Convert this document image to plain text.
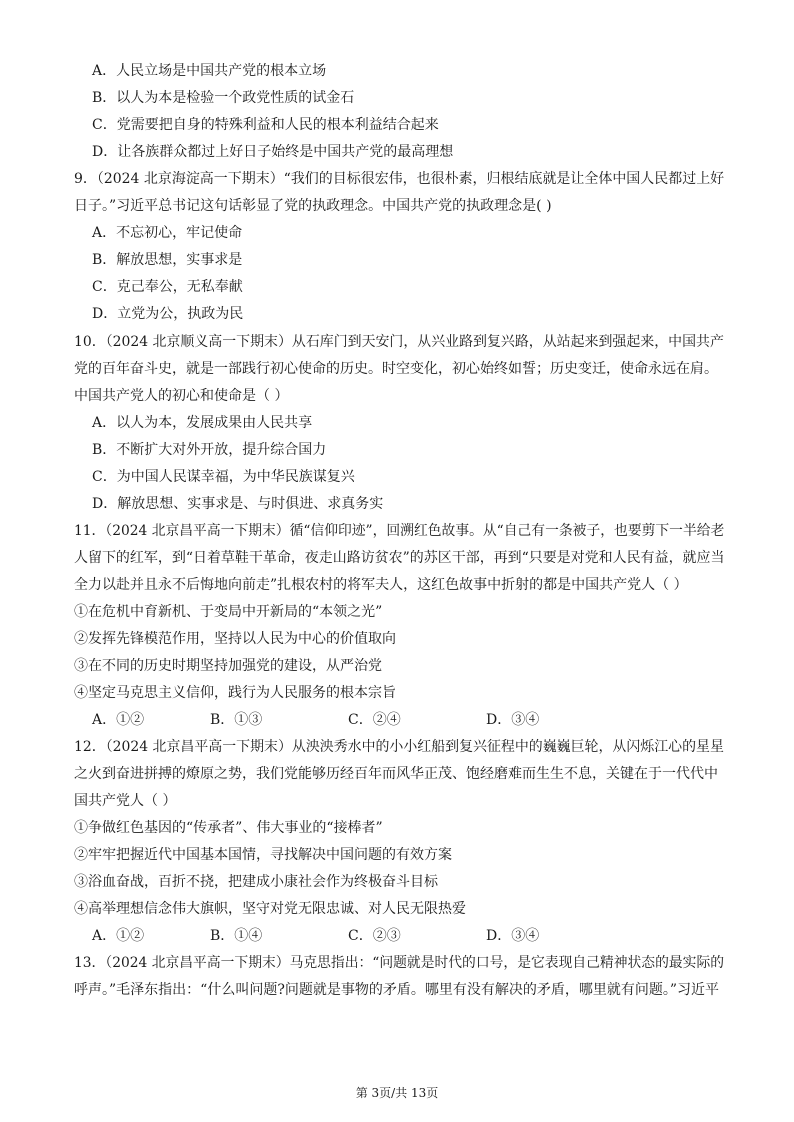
A．人民立场是中国共产党的根本立场
B．以人为本是检验一个政党性质的试金石
C．党需要把自身的特殊利益和人民的根本利益结合起来
D．让各族群众都过上好日子始终是中国共产党的最高理想
9．（2024 北京海淀高一下期末）“我们的目标很宏伟，也很朴素，归根结底就是让全体中国人民都过上好
日子。”习近平总书记这句话彰显了党的执政理念。中国共产党的执政理念是( )
A．不忘初心，牢记使命
B．解放思想，实事求是
C．克己奉公，无私奉献
D．立党为公，执政为民
10．（2024 北京顺义高一下期末）从石库门到天安门，从兴业路到复兴路，从站起来到强起来，中国共产
党的百年奋斗史，就是一部践行初心使命的历史。时空变化，初心始终如誓；历史变迁，使命永远在肩。
中国共产党人的初心和使命是（ ）
A．以人为本，发展成果由人民共享
B．不断扩大对外开放，提升综合国力
C．为中国人民谋幸福，为中华民族谋复兴
D．解放思想、实事求是、与时俱进、求真务实
11．（2024 北京昌平高一下期末）循“信仰印迹”，回溯红色故事。从“自己有一条被子，也要剪下一半给老
人留下的红军，到“日着草鞋干革命，夜走山路访贫农”的苏区干部，再到“只要是对党和人民有益，就应当
全力以赴并且永不后悔地向前走”扎根农村的将军夫人，这红色故事中折射的都是中国共产党人（ ）
①在危机中育新机、于变局中开新局的“本领之光”
②发挥先锋模范作用，坚持以人民为中心的价值取向
③在不同的历史时期坚持加强党的建设，从严治党
④坚定马克思主义信仰，践行为人民服务的根本宗旨
A．①②	B．①③	C．②④	D．③④
12．（2024 北京昌平高一下期末）从泱泱秀水中的小小红船到复兴征程中的巍巍巨轮，从闪烁江心的星星
之火到奋进拼搏的燎原之势，我们党能够历经百年而风华正茂、饱经磨难而生生不息，关键在于一代代中
国共产党人（ ）
①争做红色基因的“传承者”、伟大事业的“接棒者”
②牢牢把握近代中国基本国情，寻找解决中国问题的有效方案
③浴血奋战，百折不挠，把建成小康社会作为终极奋斗目标
④高举理想信念伟大旗帜，坚守对党无限忠诚、对人民无限热爱
A．①②	B．①④	C．②③	D．③④
13．（2024 北京昌平高一下期末）马克思指出：“问题就是时代的口号，是它表现自己精神状态的最实际的
呼声。”毛泽东指出：“什么叫问题?问题就是事物的矛盾。哪里有没有解决的矛盾，哪里就有问题。”习近平
第 3页/共 13页
